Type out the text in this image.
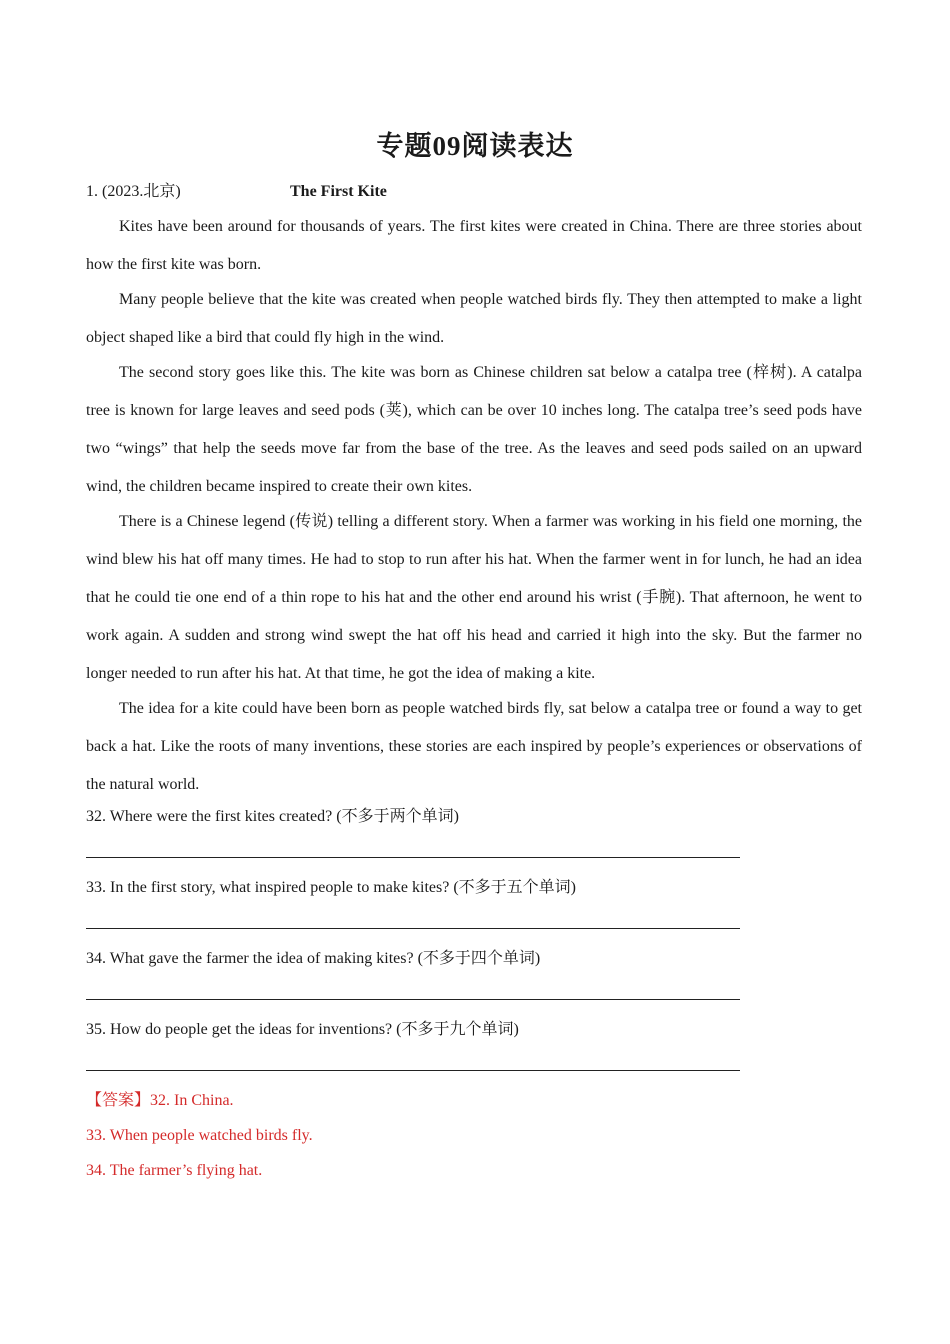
专题09阅读表达
1. (2023.北京)	The First Kite

Kites have been around for thousands of years. The first kites were created in China. There are three stories about how the first kite was born.

Many people believe that the kite was created when people watched birds fly. They then attempted to make a light object shaped like a bird that could fly high in the wind.

The second story goes like this. The kite was born as Chinese children sat below a catalpa tree (梓树). A catalpa tree is known for large leaves and seed pods (荚), which can be over 10 inches long. The catalpa tree’s seed pods have two “wings” that help the seeds move far from the base of the tree. As the leaves and seed pods sailed on an upward wind, the children became inspired to create their own kites.

There is a Chinese legend (传说) telling a different story. When a farmer was working in his field one morning, the wind blew his hat off many times. He had to stop to run after his hat. When the farmer went in for lunch, he had an idea that he could tie one end of a thin rope to his hat and the other end around his wrist (手腕). That afternoon, he went to work again. A sudden and strong wind swept the hat off his head and carried it high into the sky. But the farmer no longer needed to run after his hat. At that time, he got the idea of making a kite.

The idea for a kite could have been born as people watched birds fly, sat below a catalpa tree or found a way to get back a hat. Like the roots of many inventions, these stories are each inspired by people’s experiences or observations of the natural world.

32. Where were the first kites created? (不多于两个单词)
33. In the first story, what inspired people to make kites? (不多于五个单词)
34. What gave the farmer the idea of making kites? (不多于四个单词)
35. How do people get the ideas for inventions? (不多于九个单词)
【答案】32. In China.
33. When people watched birds fly.
34. The farmer’s flying hat.
